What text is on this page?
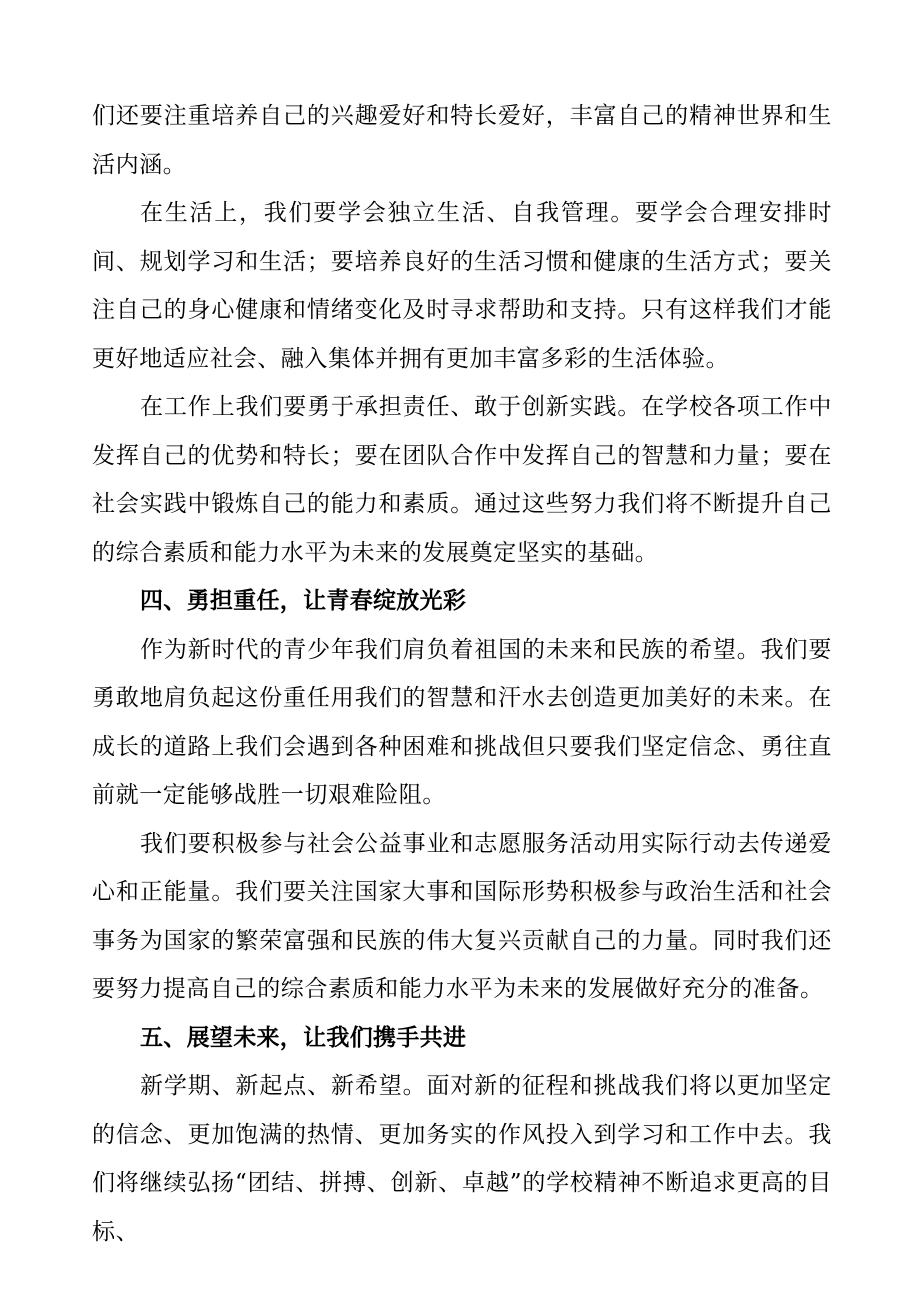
们还要注重培养自己的兴趣爱好和特长爱好，丰富自己的精神世界和生活内涵。

在生活上，我们要学会独立生活、自我管理。要学会合理安排时间、规划学习和生活；要培养良好的生活习惯和健康的生活方式；要关注自己的身心健康和情绪变化及时寻求帮助和支持。只有这样我们才能更好地适应社会、融入集体并拥有更加丰富多彩的生活体验。

在工作上我们要勇于承担责任、敢于创新实践。在学校各项工作中发挥自己的优势和特长；要在团队合作中发挥自己的智慧和力量；要在社会实践中锻炼自己的能力和素质。通过这些努力我们将不断提升自己的综合素质和能力水平为未来的发展奠定坚实的基础。

四、勇担重任，让青春绽放光彩

作为新时代的青少年我们肩负着祖国的未来和民族的希望。我们要勇敢地肩负起这份重任用我们的智慧和汗水去创造更加美好的未来。在成长的道路上我们会遇到各种困难和挑战但只要我们坚定信念、勇往直前就一定能够战胜一切艰难险阻。

我们要积极参与社会公益事业和志愿服务活动用实际行动去传递爱心和正能量。我们要关注国家大事和国际形势积极参与政治生活和社会事务为国家的繁荣富强和民族的伟大复兴贡献自己的力量。同时我们还要努力提高自己的综合素质和能力水平为未来的发展做好充分的准备。

五、展望未来，让我们携手共进

新学期、新起点、新希望。面对新的征程和挑战我们将以更加坚定的信念、更加饱满的热情、更加务实的作风投入到学习和工作中去。我们将继续弘扬“团结、拼搏、创新、卓越”的学校精神不断追求更高的目标、
